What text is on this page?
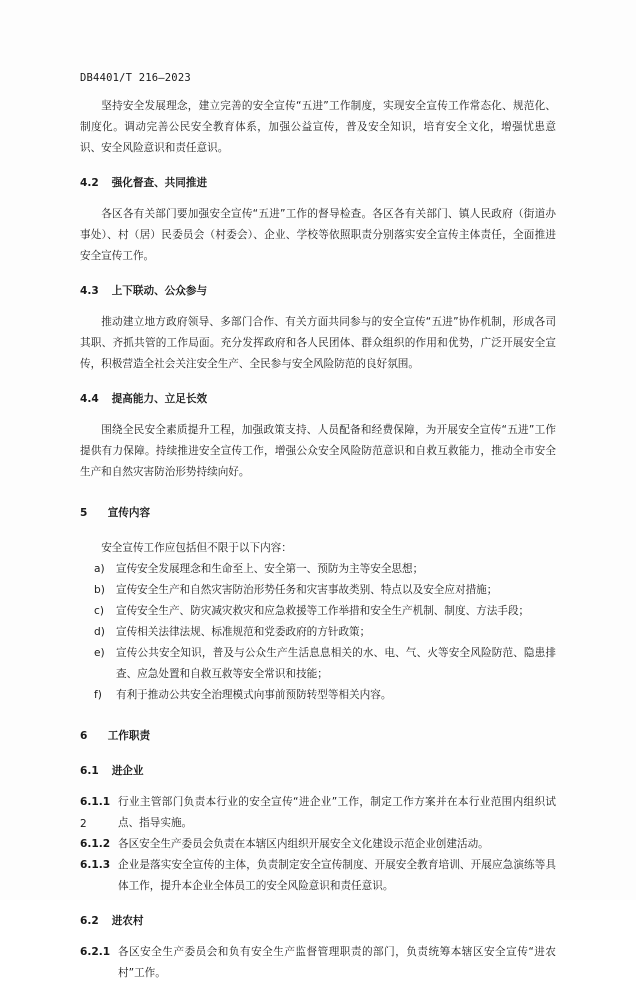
DB4401/T 216—2023

坚持安全发展理念，建立完善的安全宣传“五进”工作制度，实现安全宣传工作常态化、规范化、制度化。调动完善公民安全教育体系，加强公益宣传，普及安全知识，培育安全文化，增强忧患意识、安全风险意识和责任意识。

4.2 强化督查、共同推进

各区各有关部门要加强安全宣传“五进”工作的督导检查。各区各有关部门、镇人民政府（街道办事处）、村（居）民委员会（村委会）、企业、学校等依照职责分别落实安全宣传主体责任，全面推进安全宣传工作。

4.3 上下联动、公众参与

推动建立地方政府领导、多部门合作、有关方面共同参与的安全宣传“五进”协作机制，形成各司其职、齐抓共管的工作局面。充分发挥政府和各人民团体、群众组织的作用和优势，广泛开展安全宣传，积极营造全社会关注安全生产、全民参与安全风险防范的良好氛围。

4.4 提高能力、立足长效

围绕全民安全素质提升工程，加强政策支持、人员配备和经费保障，为开展安全宣传“五进”工作提供有力保障。持续推进安全宣传工作，增强公众安全风险防范意识和自救互救能力，推动全市安全生产和自然灾害防治形势持续向好。

5 宣传内容

安全宣传工作应包括但不限于以下内容：

a)	宣传安全发展理念和生命至上、安全第一、预防为主等安全思想；
b)	宣传安全生产和自然灾害防治形势任务和灾害事故类别、特点以及安全应对措施；
c)	宣传安全生产、防灾减灾救灾和应急救援等工作举措和安全生产机制、制度、方法手段；
d)	宣传相关法律法规、标准规范和党委政府的方针政策；
e)	宣传公共安全知识，普及与公众生产生活息息相关的水、电、气、火等安全风险防范、隐患排查、应急处置和自救互救等安全常识和技能；
f)	有利于推动公共安全治理模式向事前预防转型等相关内容。
6 工作职责
6.1 进企业
6.1.1 行业主管部门负责本行业的安全宣传“进企业”工作，制定工作方案并在本行业范围内组织试点、指导实施。
6.1.2 各区安全生产委员会负责在本辖区内组织开展安全文化建设示范企业创建活动。
6.1.3 企业是落实安全宣传的主体，负责制定安全宣传制度、开展安全教育培训、开展应急演练等具体工作，提升本企业全体员工的安全风险意识和责任意识。
6.2 进农村
6.2.1 各区安全生产委员会和负有安全生产监督管理职责的部门，负责统筹本辖区安全宣传“进农村”工作。
2
